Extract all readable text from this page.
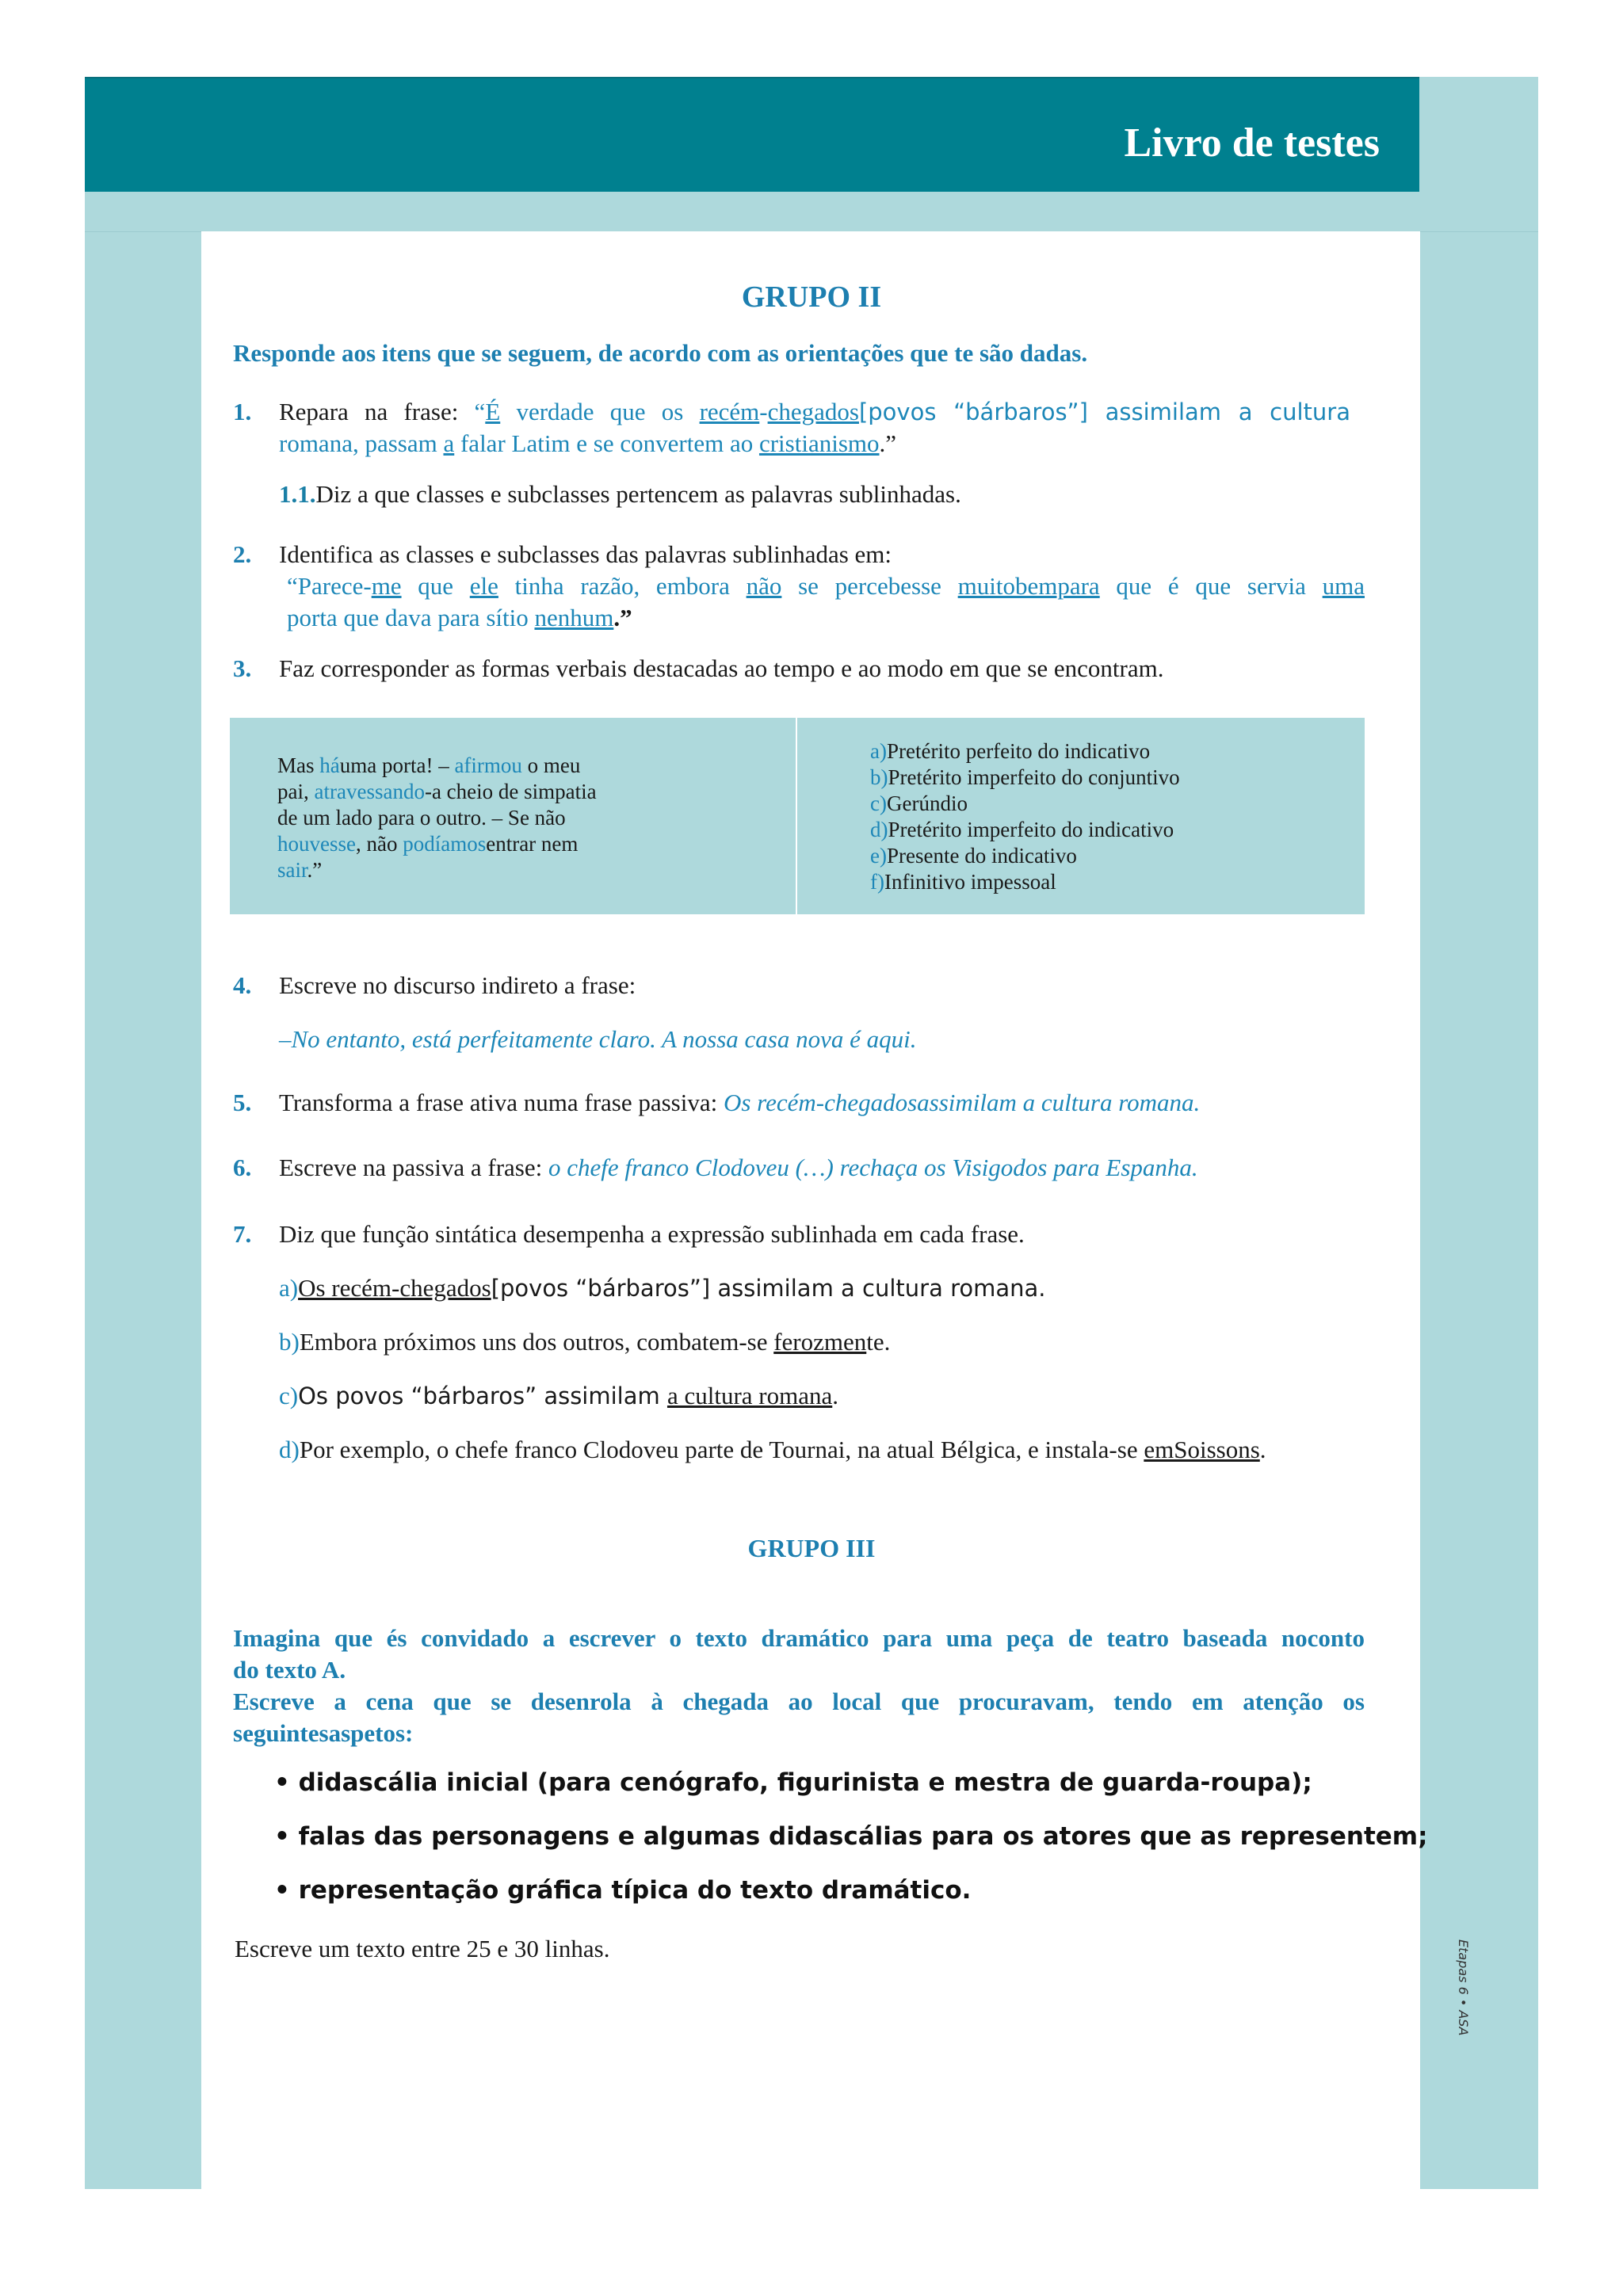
Livro de testes
GRUPO II
Responde aos itens que se seguem, de acordo com as orientações que te são dadas.
1. Repara na frase: “É verdade que os recém-chegados[povos “bárbaros”] assimilam a cultura
romana, passam a falar Latim e se convertem ao cristianismo.”
1.1.Diz a que classes e subclasses pertencem as palavras sublinhadas.
2. Identifica as classes e subclasses das palavras sublinhadas em:
“Parece-me que ele tinha razão, embora não se percebesse muitobempara que é que servia uma
porta que dava para sítio nenhum.”
3. Faz corresponder as formas verbais destacadas ao tempo e ao modo em que se encontram.
Mas háuma porta! – afirmou o meu
pai, atravessando-a cheio de simpatia
de um lado para o outro. – Se não
houvesse, não podíamosentrar nem
sair.”
a)Pretérito perfeito do indicativo
b)Pretérito imperfeito do conjuntivo
c)Gerúndio
d)Pretérito imperfeito do indicativo
e)Presente do indicativo
f)Infinitivo impessoal
4. Escreve no discurso indireto a frase:
–No entanto, está perfeitamente claro. A nossa casa nova é aqui.
5. Transforma a frase ativa numa frase passiva: Os recém-chegadosassimilam a cultura romana.
6. Escreve na passiva a frase: o chefe franco Clodoveu (…) rechaça os Visigodos para Espanha.
7. Diz que função sintática desempenha a expressão sublinhada em cada frase.
a)Os recém-chegados[povos “bárbaros”] assimilam a cultura romana.
b)Embora próximos uns dos outros, combatem-se ferozmente.
c)Os povos “bárbaros” assimilam a cultura romana.
d)Por exemplo, o chefe franco Clodoveu parte de Tournai, na atual Bélgica, e instala-se emSoissons.
GRUPO III
Imagina que és convidado a escrever o texto dramático para uma peça de teatro baseada noconto
do texto A.
Escreve a cena que se desenrola à chegada ao local que procuravam, tendo em atenção os
seguintesaspetos:
• didascália inicial (para cenógrafo, figurinista e mestra de guarda-roupa);
• falas das personagens e algumas didascálias para os atores que as representem;
• representação gráfica típica do texto dramático.
Escreve um texto entre 25 e 30 linhas.	Etapas 6 • ASA
